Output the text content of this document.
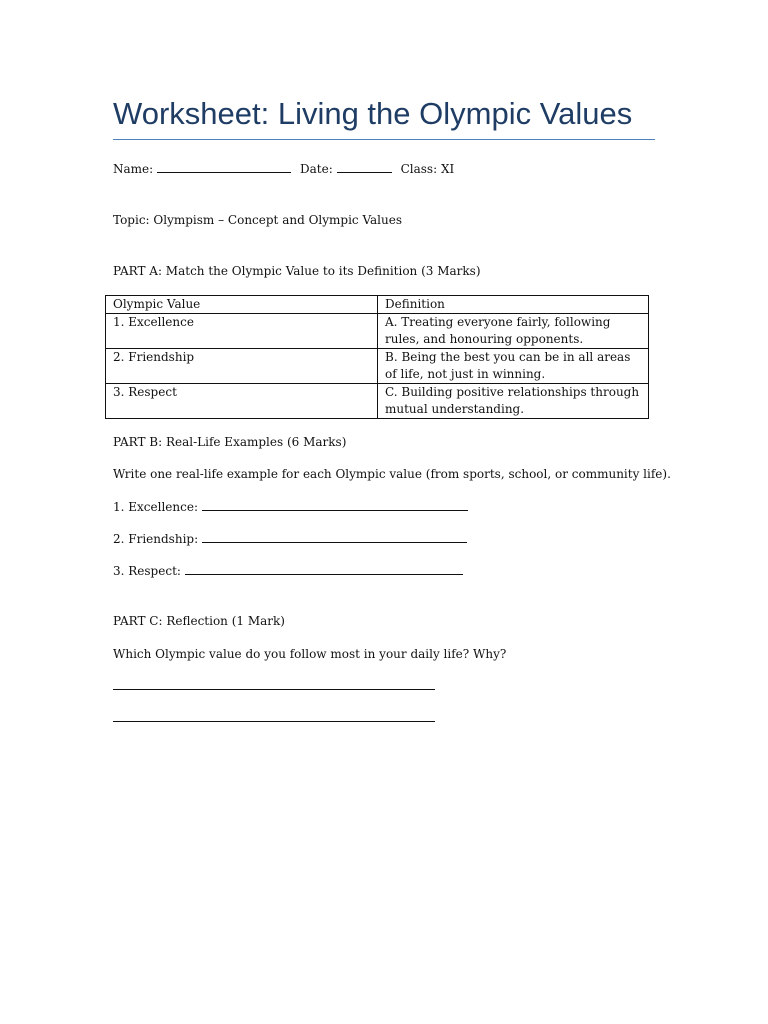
Worksheet: Living the Olympic Values
Name:	Date:	Class: XI
Topic: Olympism – Concept and Olympic Values
PART A: Match the Olympic Value to its Definition (3 Marks)
Olympic Value	Definition
1. Excellence	A. Treating everyone fairly, following rules, and honouring opponents.
2. Friendship	B. Being the best you can be in all areas of life, not just in winning.
3. Respect	C. Building positive relationships through mutual understanding.
PART B: Real-Life Examples (6 Marks)
Write one real-life example for each Olympic value (from sports, school, or community life).
1. Excellence:
2. Friendship:
3. Respect:
PART C: Reflection (1 Mark)
Which Olympic value do you follow most in your daily life? Why?
